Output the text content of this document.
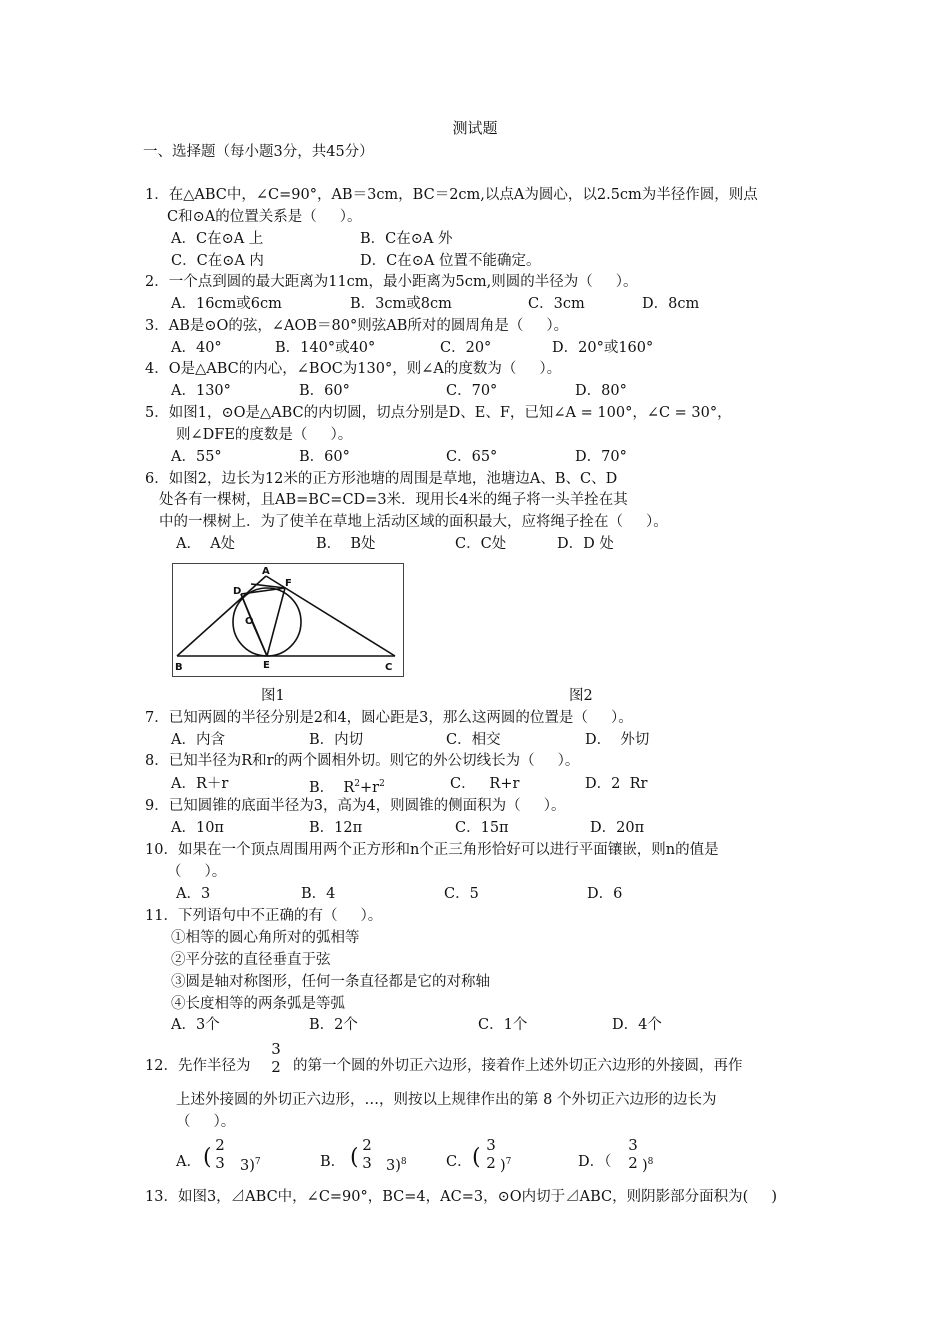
测试题
一、选择题（每小题3分，共45分）
1．在△ABC中，∠C=90°，AB＝3cm，BC＝2cm,以点A为圆心，以2.5cm为半径作圆，则点
C和⊙A的位置关系是（     ）。
A．C在⊙A 上	B．C在⊙A 外
C．C在⊙A 内	D．C在⊙A 位置不能确定。
2．一个点到圆的最大距离为11cm，最小距离为5cm,则圆的半径为（     ）。
A．16cm或6cm	B．3cm或8cm	C．3cm	D．8cm
3．AB是⊙O的弦，∠AOB＝80°则弦AB所对的圆周角是（     ）。
A．40°	B．140°或40°	C．20°	D．20°或160°
4．O是△ABC的内心，∠BOC为130°，则∠A的度数为（     ）。
A．130°	B．60°	C．70°	D．80°
5．如图1，⊙O是△ABC的内切圆，切点分别是D、E、F，已知∠A = 100°，∠C = 30°，
则∠DFE的度数是（     ）。
A．55°	B．60°	C．65°	D．70°
6．如图2，边长为12米的正方形池塘的周围是草地，池塘边A、B、C、D
处各有一棵树，且AB=BC=CD=3米．现用长4米的绳子将一头羊拴在其
中的一棵树上．为了使羊在草地上活动区域的面积最大，应将绳子拴在（     ）。
A．  A处	B．  B处	C．C处	D．D 处
A
B	C
D
E
F
O
图1	图2
7．已知两圆的半径分别是2和4，圆心距是3，那么这两圆的位置是（     ）。
A．内含	B．内切	C．相交	D．  外切
8．已知半径为R和r的两个圆相外切。则它的外公切线长为（     ）。
A．R＋r	B．  $R^2+r^2$	C．   R+r	D．2  Rr
9．已知圆锥的底面半径为3，高为4，则圆锥的侧面积为（     ）。
A．10π	B．12π	C．15π	D．20π
10．如果在一个顶点周围用两个正方形和n个正三角形恰好可以进行平面镶嵌，则n的值是
（     ）。
A．3	B．4	C．5	D．6
11．下列语句中不正确的有（     ）。
①相等的圆心角所对的弧相等
②平分弦的直径垂直于弦
③圆是轴对称图形，任何一条直径都是它的对称轴
④长度相等的两条弧是等弧
A．3个	B．2个	C．1个	D．4个
12．先作半径为
3
2 的第一个圆的外切正六边形，接着作上述外切正六边形的外接圆，再作
上述外接圆的外切正六边形，…，则按以上规律作出的第 8 个外切正六边形的边长为
（     ）。
A． ( 2
3 3)$^7$	B． ( 2
3 3)$^8$	C． ( 3
2 )$^7$	D．（
3
2 )$^8$
13．如图3，⊿ABC中，∠C=90°，BC=4，AC=3，⊙O内切于⊿ABC，则阴影部分面积为(     )
